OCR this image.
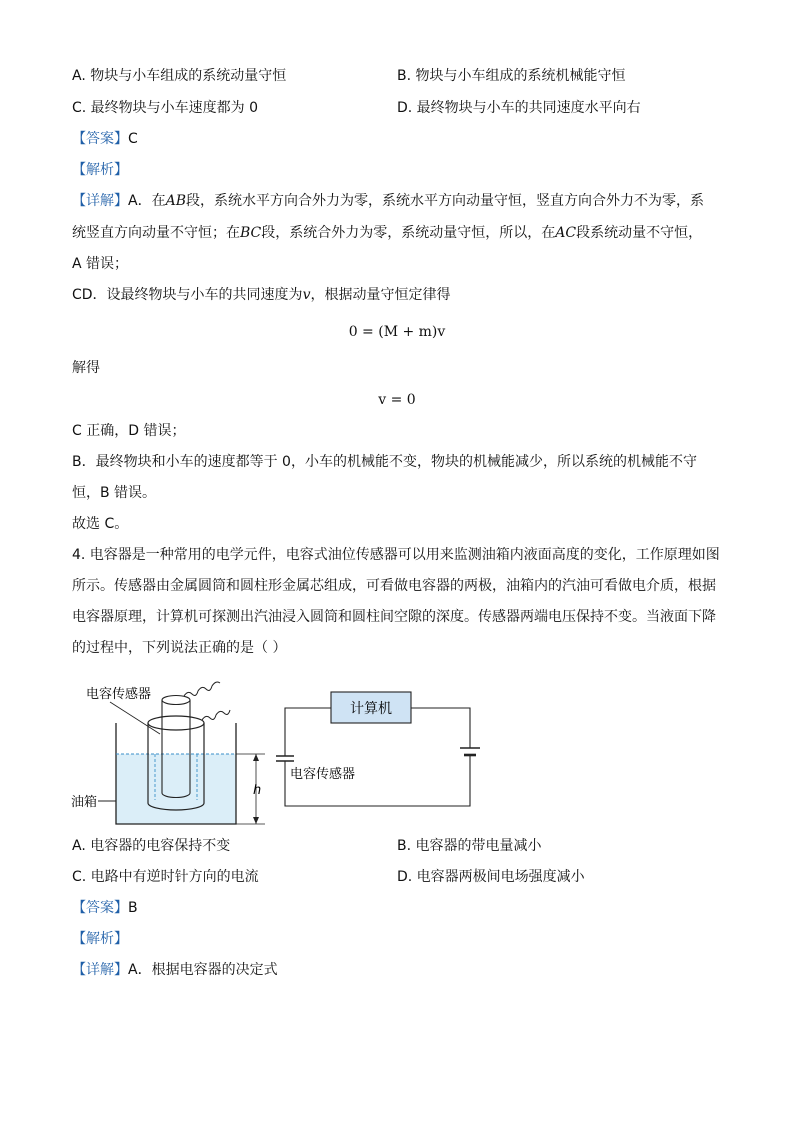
A. 物块与小车组成的系统动量守恒	B. 物块与小车组成的系统机械能守恒
C. 最终物块与小车速度都为 0	D. 最终物块与小车的共同速度水平向右
【答案】C
【解析】
【详解】A．在AB段，系统水平方向合外力为零，系统水平方向动量守恒，竖直方向合外力不为零，系
统竖直方向动量不守恒；在BC段，系统合外力为零，系统动量守恒，所以，在AC段系统动量不守恒，
A 错误；
CD．设最终物块与小车的共同速度为v，根据动量守恒定律得
0 = (M + m)v
解得
v = 0
C 正确，D 错误；
B．最终物块和小车的速度都等于 0，小车的机械能不变，物块的机械能减少，所以系统的机械能不守
恒，B 错误。
故选 C。
4. 电容器是一种常用的电学元件，电容式油位传感器可以用来监测油箱内液面高度的变化，工作原理如图
所示。传感器由金属圆筒和圆柱形金属芯组成，可看做电容器的两极，油箱内的汽油可看做电介质，根据
电容器原理，计算机可探测出汽油浸入圆筒和圆柱间空隙的深度。传感器两端电压保持不变。当液面下降
的过程中，下列说法正确的是（ ）
h
电容传感器
油箱
计算机
电容传感器
A. 电容器的电容保持不变	B. 电容器的带电量减小
C. 电路中有逆时针方向的电流	D. 电容器两极间电场强度减小
【答案】B
【解析】
【详解】A．根据电容器的决定式
